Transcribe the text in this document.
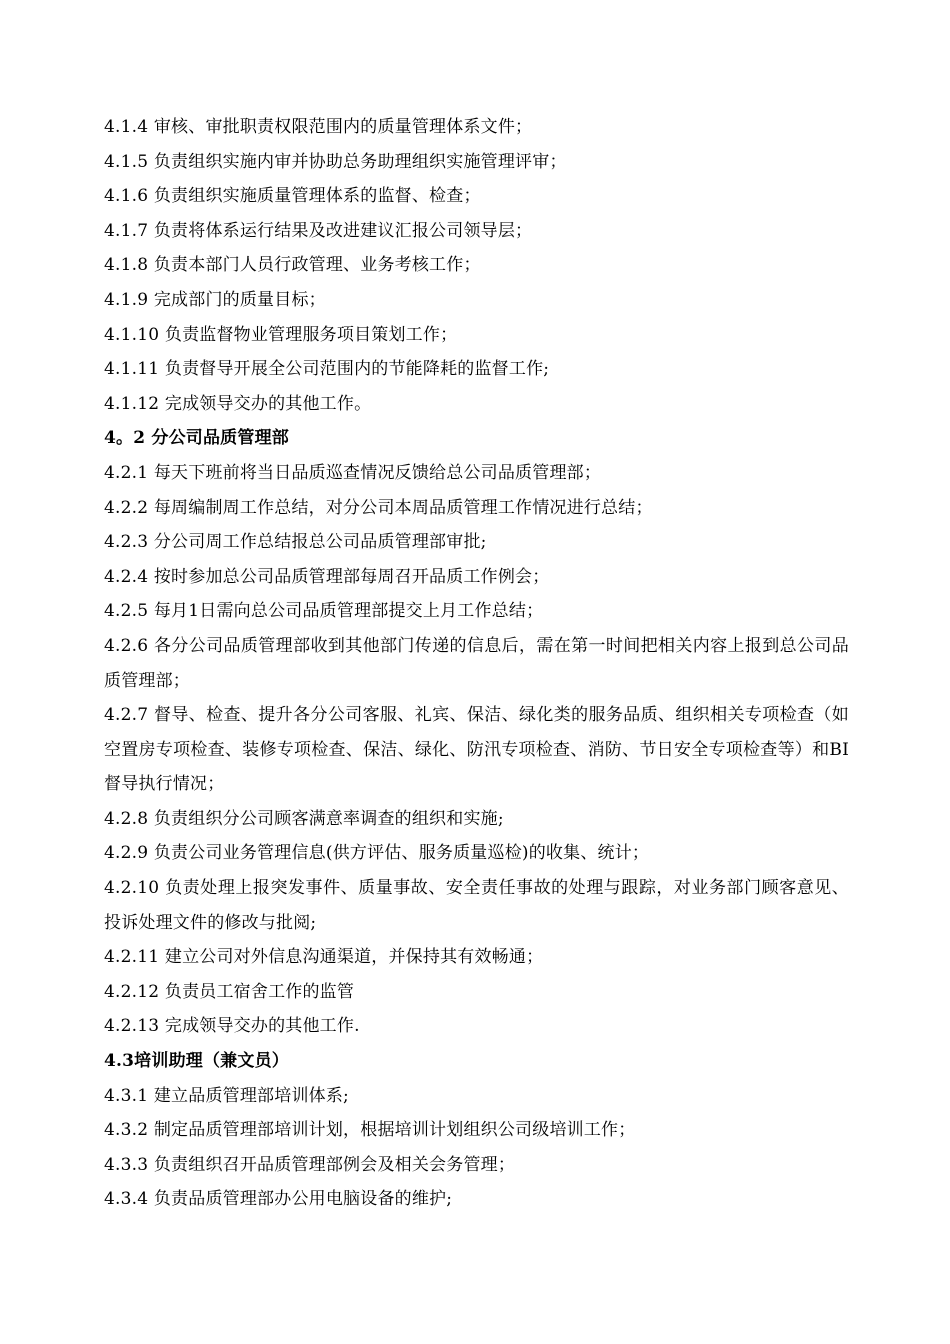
4.1.4 审核、审批职责权限范围内的质量管理体系文件；
4.1.5 负责组织实施内审并协助总务助理组织实施管理评审；
4.1.6 负责组织实施质量管理体系的监督、检查；
4.1.7 负责将体系运行结果及改进建议汇报公司领导层；
4.1.8 负责本部门人员行政管理、业务考核工作；
4.1.9 完成部门的质量目标；
4.1.10 负责监督物业管理服务项目策划工作；
4.1.11 负责督导开展全公司范围内的节能降耗的监督工作;
4.1.12 完成领导交办的其他工作。
4。2 分公司品质管理部
4.2.1 每天下班前将当日品质巡查情况反馈给总公司品质管理部；
4.2.2 每周编制周工作总结，对分公司本周品质管理工作情况进行总结；
4.2.3 分公司周工作总结报总公司品质管理部审批;
4.2.4 按时参加总公司品质管理部每周召开品质工作例会；
4.2.5 每月1日需向总公司品质管理部提交上月工作总结；
4.2.6 各分公司品质管理部收到其他部门传递的信息后，需在第一时间把相关内容上报到总公司品质管理部；
4.2.7 督导、检查、提升各分公司客服、礼宾、保洁、绿化类的服务品质、组织相关专项检查（如空置房专项检查、装修专项检查、保洁、绿化、防汛专项检查、消防、节日安全专项检查等）和BI督导执行情况；
4.2.8 负责组织分公司顾客满意率调查的组织和实施;
4.2.9 负责公司业务管理信息(供方评估、服务质量巡检)的收集、统计；
4.2.10 负责处理上报突发事件、质量事故、安全责任事故的处理与跟踪，对业务部门顾客意见、投诉处理文件的修改与批阅;
4.2.11 建立公司对外信息沟通渠道，并保持其有效畅通；
4.2.12 负责员工宿舍工作的监管
4.2.13 完成领导交办的其他工作.
4.3培训助理（兼文员）
4.3.1 建立品质管理部培训体系;
4.3.2 制定品质管理部培训计划，根据培训计划组织公司级培训工作；
4.3.3 负责组织召开品质管理部例会及相关会务管理；
4.3.4 负责品质管理部办公用电脑设备的维护;
